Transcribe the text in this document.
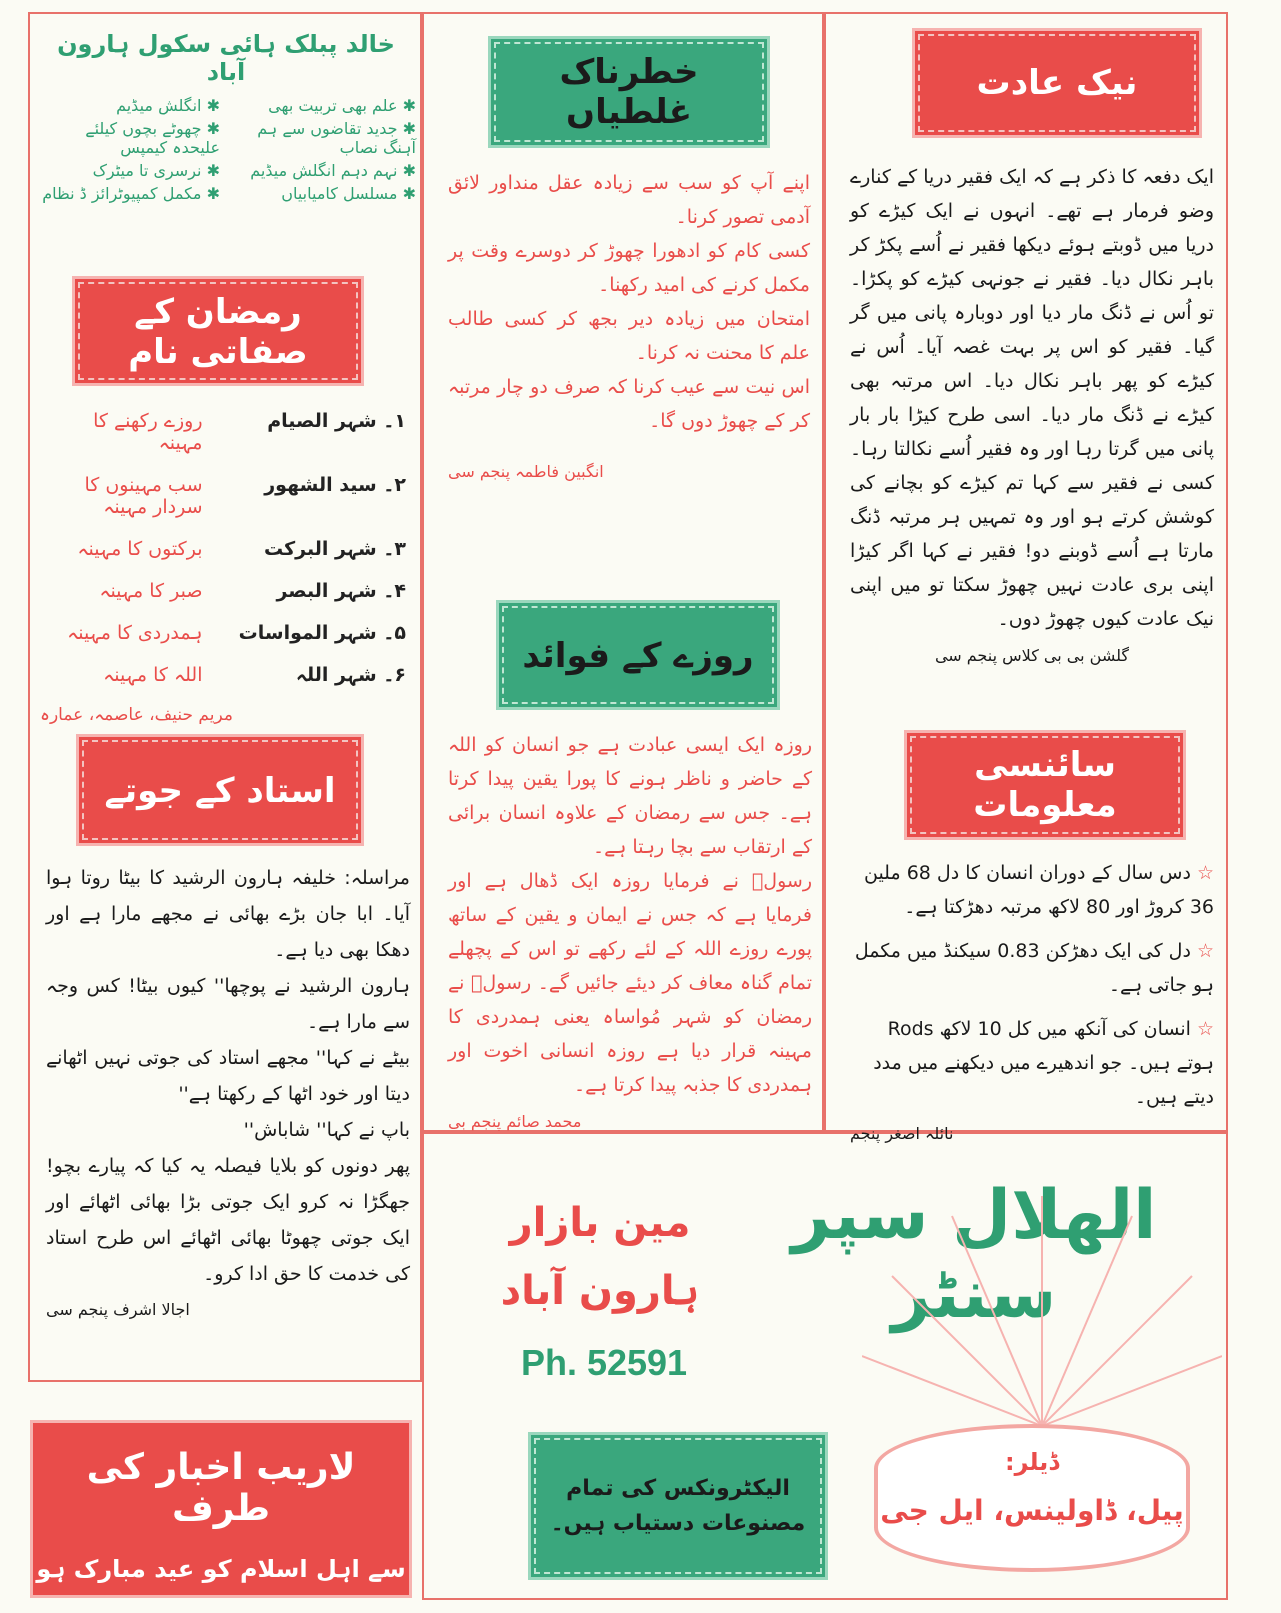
خالد پبلک ہائی سکول ہارون آباد
✱ علم بھی تربیت بھی
✱ انگلش میڈیم
✱ جدید تقاضوں سے ہم آہنگ نصاب
✱ چھوٹے بچوں کیلئے علیحدہ کیمپس
✱ نہم دہم انگلش میڈیم
✱ نرسری تا میٹرک
✱ مسلسل کامیابیاں
✱ مکمل کمپیوٹرائز ڈ نظام
رمضان کے صفاتی نام
۱۔ شہر الصیام	روزے رکھنے کا مہینہ
۲۔ سید الشھور	سب مہینوں کا سردار مہینہ
۳۔ شہر البرکت	برکتوں کا مہینہ
۴۔ شہر البصر	صبر کا مہینہ
۵۔ شہر المواسات	ہمدردی کا مہینہ
۶۔ شہر اللہ	اللہ کا مہینہ
مریم حنیف، عاصمہ، عمارہ
استاد کے جوتے

مراسلہ: خلیفہ ہارون الرشید کا بیٹا روتا ہوا آیا۔ ابا جان بڑے بھائی نے مجھے مارا ہے اور دھکا بھی دیا ہے۔

ہارون الرشید نے پوچھا'' کیوں بیٹا! کس وجہ سے مارا ہے۔

بیٹے نے کہا'' مجھے استاد کی جوتی نہیں اٹھانے دیتا اور خود اٹھا کے رکھتا ہے''

باپ نے کہا'' شاباش''

پھر دونوں کو بلایا فیصلہ یہ کیا کہ پیارے بچو! جھگڑا نہ کرو ایک جوتی بڑا بھائی اٹھائے اور ایک جوتی چھوٹا بھائی اٹھائے اس طرح استاد کی خدمت کا حق ادا کرو۔

اجالا اشرف پنجم سی
لاریب اخبار کی طرف
سے اہل اسلام کو عید مبارک ہو
خطرناک غلطیاں

اپنے آپ کو سب سے زیادہ عقل منداور لائق آدمی تصور کرنا۔

کسی کام کو ادھورا چھوڑ کر دوسرے وقت پر مکمل کرنے کی امید رکھنا۔

امتحان میں زیادہ دیر بجھ کر کسی طالب علم کا محنت نہ کرنا۔

اس نیت سے عیب کرنا کہ صرف دو چار مرتبہ کر کے چھوڑ دوں گا۔

انگبین فاطمہ پنجم سی
روزے کے فوائد

روزہ ایک ایسی عبادت ہے جو انسان کو اللہ کے حاضر و ناظر ہونے کا پورا یقین پیدا کرتا ہے۔ جس سے رمضان کے علاوہ انسان برائی کے ارتقاب سے بچا رہتا ہے۔

رسولؐ نے فرمایا روزہ ایک ڈھال ہے اور فرمایا ہے کہ جس نے ایمان و یقین کے ساتھ پورے روزے اللہ کے لئے رکھے تو اس کے پچھلے تمام گناہ معاف کر دیئے جائیں گے۔ رسولؐ نے رمضان کو شہر مُواساہ یعنی ہمدردی کا مہینہ قرار دیا ہے روزہ انسانی اخوت اور ہمدردی کا جذبہ پیدا کرتا ہے۔

محمد صائم پنجم بی
نیک عادت

ایک دفعہ کا ذکر ہے کہ ایک فقیر دریا کے کنارے وضو فرمار ہے تھے۔ انہوں نے ایک کیڑے کو دریا میں ڈوبتے ہوئے دیکھا فقیر نے اُسے پکڑ کر باہر نکال دیا۔ فقیر نے جونہی کیڑے کو پکڑا۔ تو اُس نے ڈنگ مار دیا اور دوبارہ پانی میں گر گیا۔ فقیر کو اس پر بہت غصہ آیا۔ اُس نے کیڑے کو پھر باہر نکال دیا۔ اس مرتبہ بھی کیڑے نے ڈنگ مار دیا۔ اسی طرح کیڑا بار بار پانی میں گرتا رہا اور وہ فقیر اُسے نکالتا رہا۔ کسی نے فقیر سے کہا تم کیڑے کو بچانے کی کوشش کرتے ہو اور وہ تمہیں ہر مرتبہ ڈنگ مارتا ہے اُسے ڈوبنے دو! فقیر نے کہا اگر کیڑا اپنی بری عادت نہیں چھوڑ سکتا تو میں اپنی نیک عادت کیوں چھوڑ دوں۔

گلشن بی بی کلاس پنجم سی
سائنسی معلومات

☆ دس سال کے دوران انسان کا دل 68 ملین 36 کروڑ اور 80 لاکھ مرتبہ دھڑکتا ہے۔

☆ دل کی ایک دھڑکن 0.83 سیکنڈ میں مکمل ہو جاتی ہے۔

☆ انسان کی آنکھ میں کل 10 لاکھ Rods ہوتے ہیں۔ جو اندھیرے میں دیکھنے میں مدد دیتے ہیں۔

نائلہ اصغر پنجم
الھلال سپر سنٹر
مین بازار
ہارون آباد
Ph. 52591
الیکٹرونکس کی تمام
مصنوعات دستیاب ہیں۔
ڈیلر:
پیل، ڈاولینس، ایل جی
